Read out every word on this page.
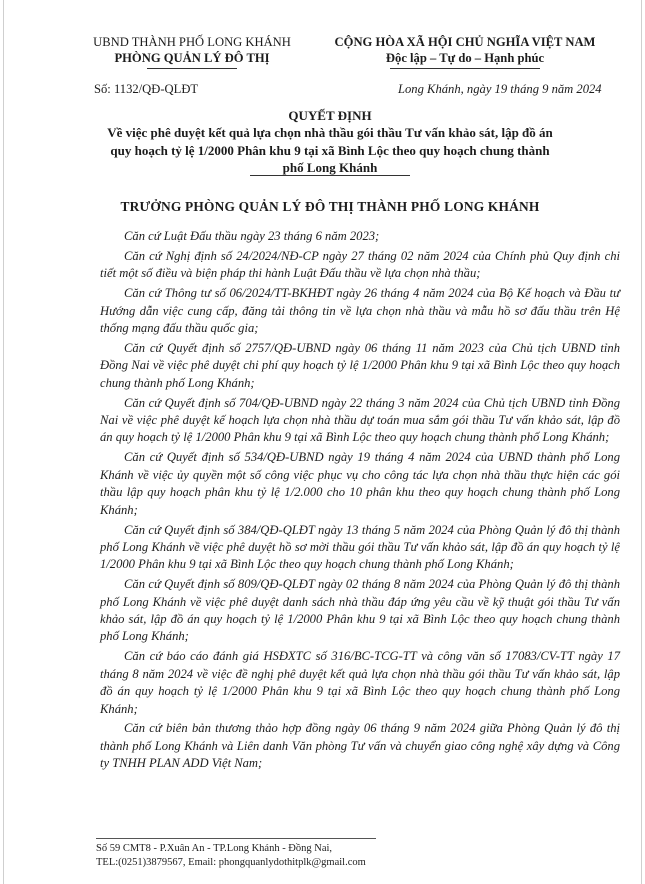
UBND THÀNH PHỐ LONG KHÁNH
PHÒNG QUẢN LÝ ĐÔ THỊ
CỘNG HÒA XÃ HỘI CHỦ NGHĨA VIỆT NAM
Độc lập – Tự do – Hạnh phúc
Số: 1132/QĐ-QLĐT	Long Khánh, ngày 19 tháng 9 năm 2024
QUYẾT ĐỊNH
Về việc phê duyệt kết quả lựa chọn nhà thầu gói thầu Tư vấn khảo sát, lập đồ án quy hoạch tỷ lệ 1/2000 Phân khu 9 tại xã Bình Lộc theo quy hoạch chung thành phố Long Khánh
TRƯỞNG PHÒNG QUẢN LÝ ĐÔ THỊ THÀNH PHỐ LONG KHÁNH

Căn cứ Luật Đấu thầu ngày 23 tháng 6 năm 2023;

Căn cứ Nghị định số 24/2024/NĐ-CP ngày 27 tháng 02 năm 2024 của Chính phủ Quy định chi tiết một số điều và biện pháp thi hành Luật Đấu thầu về lựa chọn nhà thầu;

Căn cứ Thông tư số 06/2024/TT-BKHĐT ngày 26 tháng 4 năm 2024 của Bộ Kế hoạch và Đầu tư Hướng dẫn việc cung cấp, đăng tải thông tin về lựa chọn nhà thầu và mẫu hồ sơ đấu thầu trên Hệ thống mạng đấu thầu quốc gia;

Căn cứ Quyết định số 2757/QĐ-UBND ngày 06 tháng 11 năm 2023 của Chủ tịch UBND tỉnh Đồng Nai về việc phê duyệt chi phí quy hoạch tỷ lệ 1/2000 Phân khu 9 tại xã Bình Lộc theo quy hoạch chung thành phố Long Khánh;

Căn cứ Quyết định số 704/QĐ-UBND ngày 22 tháng 3 năm 2024 của Chủ tịch UBND tỉnh Đồng Nai về việc phê duyệt kế hoạch lựa chọn nhà thầu dự toán mua sắm gói thầu Tư vấn khảo sát, lập đồ án quy hoạch tỷ lệ 1/2000 Phân khu 9 tại xã Bình Lộc theo quy hoạch chung thành phố Long Khánh;

Căn cứ Quyết định số 534/QĐ-UBND ngày 19 tháng 4 năm 2024 của UBND thành phố Long Khánh về việc ủy quyền một số công việc phục vụ cho công tác lựa chọn nhà thầu thực hiện các gói thầu lập quy hoạch phân khu tỷ lệ 1/2.000 cho 10 phân khu theo quy hoạch chung thành phố Long Khánh;

Căn cứ Quyết định số 384/QĐ-QLĐT ngày 13 tháng 5 năm 2024 của Phòng Quản lý đô thị thành phố Long Khánh về việc phê duyệt hồ sơ mời thầu gói thầu Tư vấn khảo sát, lập đồ án quy hoạch tỷ lệ 1/2000 Phân khu 9 tại xã Bình Lộc theo quy hoạch chung thành phố Long Khánh;

Căn cứ Quyết định số 809/QĐ-QLĐT ngày 02 tháng 8 năm 2024 của Phòng Quản lý đô thị thành phố Long Khánh về việc phê duyệt danh sách nhà thầu đáp ứng yêu cầu về kỹ thuật gói thầu Tư vấn khảo sát, lập đồ án quy hoạch tỷ lệ 1/2000 Phân khu 9 tại xã Bình Lộc theo quy hoạch chung thành phố Long Khánh;

Căn cứ báo cáo đánh giá HSĐXTC số 316/BC-TCG-TT và công văn số 17083/CV-TT ngày 17 tháng 8 năm 2024 về việc đề nghị phê duyệt kết quả lựa chọn nhà thầu gói thầu Tư vấn khảo sát, lập đồ án quy hoạch tỷ lệ 1/2000 Phân khu 9 tại xã Bình Lộc theo quy hoạch chung thành phố Long Khánh;

Căn cứ biên bản thương thảo hợp đồng ngày 06 tháng 9 năm 2024 giữa Phòng Quản lý đô thị thành phố Long Khánh và Liên danh Văn phòng Tư vấn và chuyển giao công nghệ xây dựng và Công ty TNHH PLAN ADD Việt Nam;

Số 59 CMT8 - P.Xuân An - TP.Long Khánh - Đồng Nai,
TEL:(0251)3879567, Email: phongquanlydothitplk@gmail.com
